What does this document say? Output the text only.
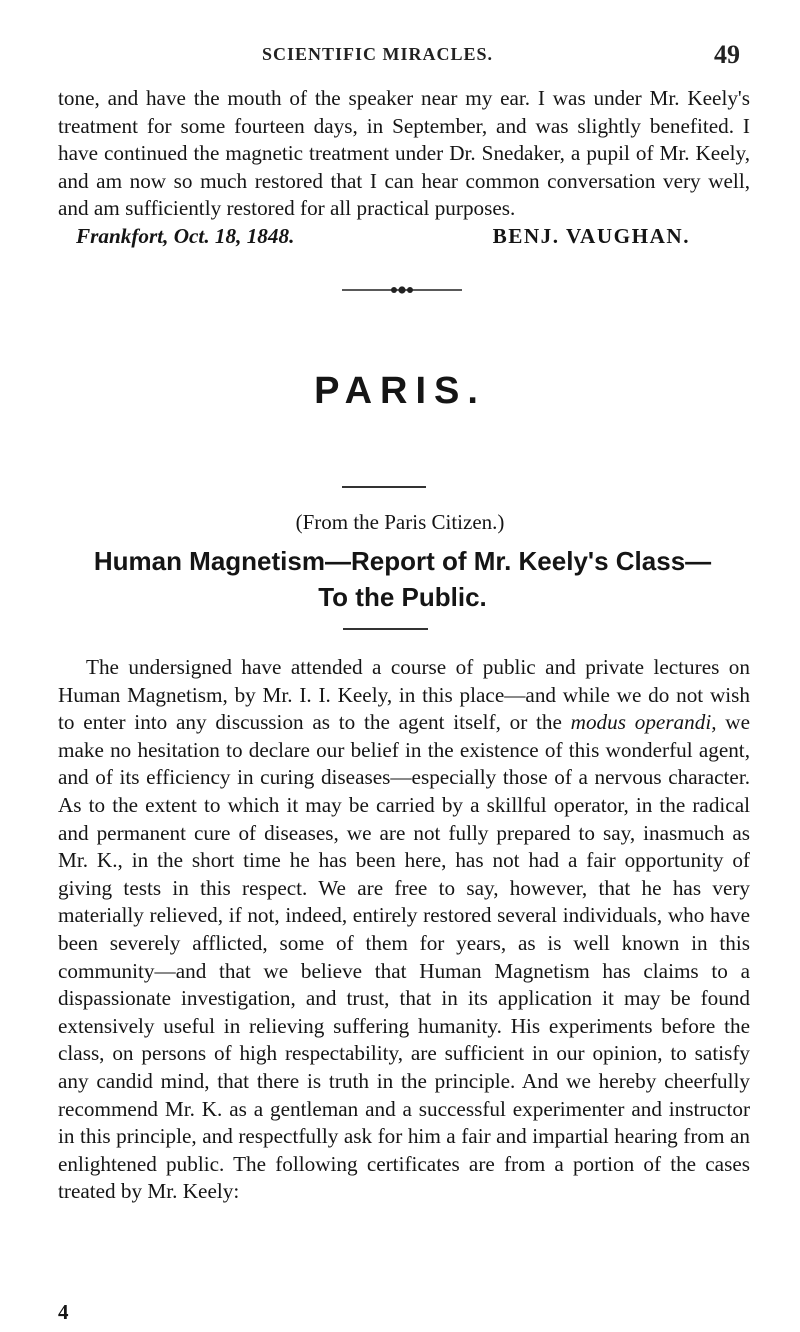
SCIENTIFIC MIRACLES.	49

tone, and have the mouth of the speaker near my ear. I was under Mr. Keely's treatment for some fourteen days, in September, and was slightly benefited. I have continued the magnetic treatment under Dr. Snedaker, a pupil of Mr. Keely, and am now so much restored that I can hear common conversation very well, and am sufficiently restored for all practical purposes.

Frankfort, Oct. 18, 1848.	BENJ. VAUGHAN.
PARIS.
(From the Paris Citizen.)
Human Magnetism—Report of Mr. Keely's Class—
To the Public.

The undersigned have attended a course of public and private lectures on Human Magnetism, by Mr. I. I. Keely, in this place—and while we do not wish to enter into any discussion as to the agent itself, or the modus operandi, we make no hesitation to declare our belief in the existence of this wonderful agent, and of its efficiency in curing diseases—especially those of a nervous character. As to the extent to which it may be carried by a skillful operator, in the radical and permanent cure of diseases, we are not fully prepared to say, inasmuch as Mr. K., in the short time he has been here, has not had a fair opportunity of giving tests in this respect. We are free to say, however, that he has very materially relieved, if not, indeed, entirely restored several individuals, who have been severely afflicted, some of them for years, as is well known in this community—and that we believe that Human Magnetism has claims to a dispassionate investigation, and trust, that in its application it may be found extensively useful in relieving suffering humanity. His experiments before the class, on persons of high respectability, are sufficient in our opinion, to satisfy any candid mind, that there is truth in the principle. And we hereby cheerfully recommend Mr. K. as a gentleman and a successful experimenter and instructor in this principle, and respectfully ask for him a fair and impartial hearing from an enlightened public. The following certificates are from a portion of the cases treated by Mr. Keely:

4
